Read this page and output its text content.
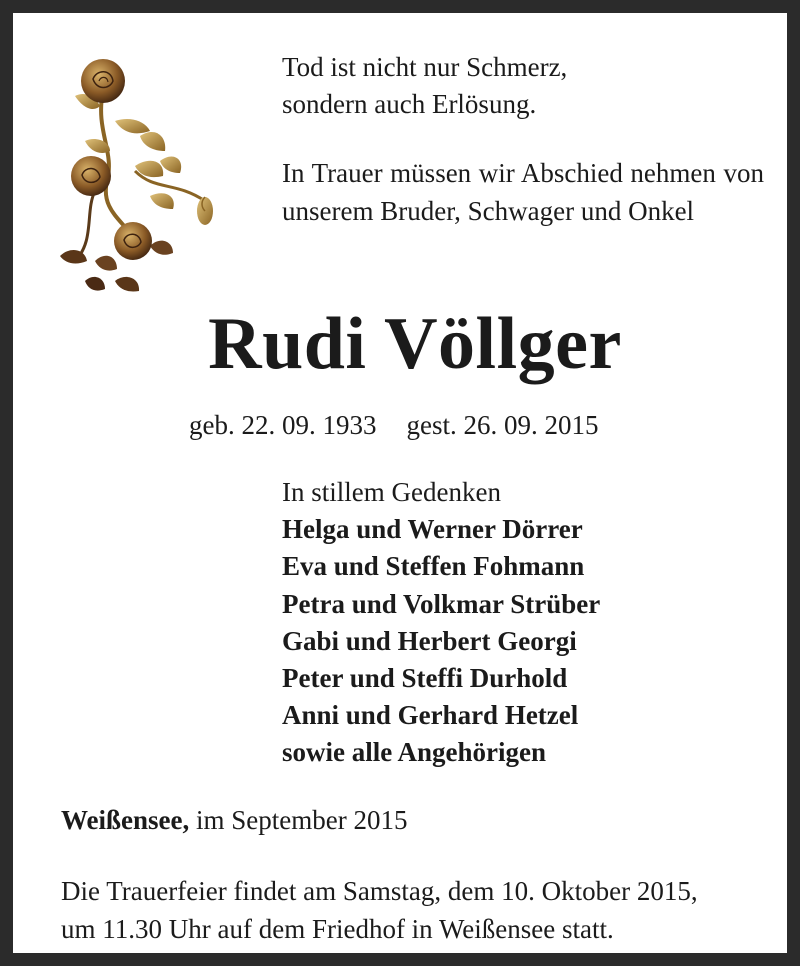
Tod ist nicht nur Schmerz,
sondern auch Erlösung.

In Trauer müssen wir Abschied nehmen von unserem Bruder, Schwager und Onkel

Rudi Völlger
geb. 22. 09. 1933 gest. 26. 09. 2015
In stillem Gedenken
Helga und Werner Dörrer
Eva und Steffen Fohmann
Petra und Volkmar Strüber
Gabi und Herbert Georgi
Peter und Steffi Durhold
Anni und Gerhard Hetzel
sowie alle Angehörigen
Weißensee, im September 2015
Die Trauerfeier findet am Samstag, dem 10. Oktober 2015,
um 11.30 Uhr auf dem Friedhof in Weißensee statt.
